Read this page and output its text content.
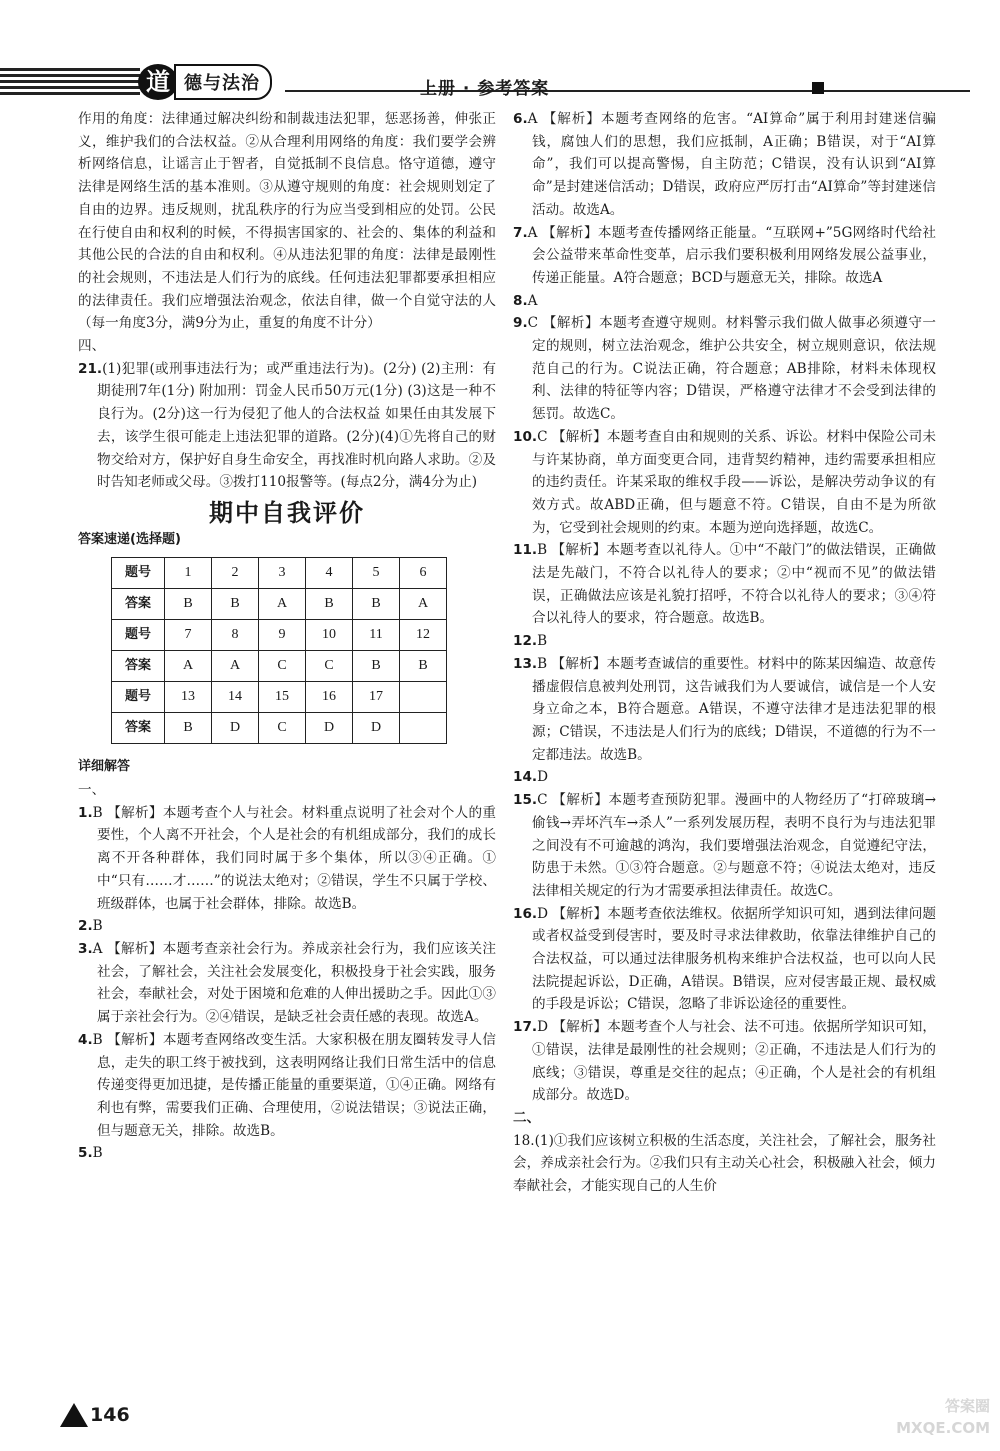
道 德与法治	上册 · 参考答案

作用的角度：法律通过解决纠纷和制裁违法犯罪，惩恶扬善，伸张正义，维护我们的合法权益。②从合理利用网络的角度：我们要学会辨析网络信息，让谣言止于智者，自觉抵制不良信息。恪守道德，遵守法律是网络生活的基本准则。③从遵守规则的角度：社会规则划定了自由的边界。违反规则，扰乱秩序的行为应当受到相应的处罚。公民在行使自由和权利的时候，不得损害国家的、社会的、集体的利益和其他公民的合法的自由和权利。④从违法犯罪的角度：法律是最刚性的社会规则，不违法是人们行为的底线。任何违法犯罪都要承担相应的法律责任。我们应增强法治观念，依法自律，做一个自觉守法的人（每一角度3分，满9分为止，重复的角度不计分）

四、

21.(1)犯罪(或刑事违法行为；或严重违法行为)。(2分) (2)主刑：有期徒刑7年(1分) 附加刑：罚金人民币50万元(1分) (3)这是一种不良行为。(2分)这一行为侵犯了他人的合法权益 如果任由其发展下去，该学生很可能走上违法犯罪的道路。(2分)(4)①先将自己的财物交给对方，保护好自身生命安全，再找准时机向路人求助。②及时告知老师或父母。③拨打110报警等。(每点2分，满4分为止)

期中自我评价

答案速递(选择题)

题号	1	2	3	4	5	6
答案	B	B	A	B	B	A
题号	7	8	9	10	11	12
答案	A	A	C	C	B	B
题号	13	14	15	16	17	
答案	B	D	C	D	D	

详细解答

一、

1.B 【解析】本题考查个人与社会。材料重点说明了社会对个人的重要性，个人离不开社会，个人是社会的有机组成部分，我们的成长离不开各种群体，我们同时属于多个集体，所以③④正确。①中“只有……才……”的说法太绝对；②错误，学生不只属于学校、班级群体，也属于社会群体，排除。故选B。

2.B

3.A 【解析】本题考查亲社会行为。养成亲社会行为，我们应该关注社会，了解社会，关注社会发展变化，积极投身于社会实践，服务社会，奉献社会，对处于困境和危难的人伸出援助之手。因此①③属于亲社会行为。②④错误，是缺乏社会责任感的表现。故选A。

4.B 【解析】本题考查网络改变生活。大家积极在朋友圈转发寻人信息，走失的职工终于被找到，这表明网络让我们日常生活中的信息传递变得更加迅捷，是传播正能量的重要渠道，①④正确。网络有利也有弊，需要我们正确、合理使用，②说法错误；③说法正确，但与题意无关，排除。故选B。

5.B

6.A 【解析】本题考查网络的危害。“AI算命”属于利用封建迷信骗钱，腐蚀人们的思想，我们应抵制，A正确；B错误，对于“AI算命”，我们可以提高警惕，自主防范；C错误，没有认识到“AI算命”是封建迷信活动；D错误，政府应严厉打击“AI算命”等封建迷信活动。故选A。

7.A 【解析】本题考查传播网络正能量。“互联网+”5G网络时代给社会公益带来革命性变革，启示我们要积极利用网络发展公益事业，传递正能量。A符合题意；BCD与题意无关，排除。故选A

8.A

9.C 【解析】本题考查遵守规则。材料警示我们做人做事必须遵守一定的规则，树立法治观念，维护公共安全，树立规则意识，依法规范自己的行为。C说法正确，符合题意；AB排除，材料未体现权利、法律的特征等内容；D错误，严格遵守法律才不会受到法律的惩罚。故选C。

10.C 【解析】本题考查自由和规则的关系、诉讼。材料中保险公司未与许某协商，单方面变更合同，违背契约精神，违约需要承担相应的违约责任。许某采取的维权手段——诉讼，是解决劳动争议的有效方式。故ABD正确，但与题意不符。C错误，自由不是为所欲为，它受到社会规则的约束。本题为逆向选择题，故选C。

11.B 【解析】本题考查以礼待人。①中“不敲门”的做法错误，正确做法是先敲门，不符合以礼待人的要求；②中“视而不见”的做法错误，正确做法应该是礼貌打招呼，不符合以礼待人的要求；③④符合以礼待人的要求，符合题意。故选B。

12.B

13.B 【解析】本题考查诚信的重要性。材料中的陈某因编造、故意传播虚假信息被判处刑罚，这告诫我们为人要诚信，诚信是一个人安身立命之本，B符合题意。A错误，不遵守法律才是违法犯罪的根源；C错误，不违法是人们行为的底线；D错误，不道德的行为不一定都违法。故选B。

14.D

15.C 【解析】本题考查预防犯罪。漫画中的人物经历了“打碎玻璃→偷钱→弄坏汽车→杀人”一系列发展历程，表明不良行为与违法犯罪之间没有不可逾越的鸿沟，我们要增强法治观念，自觉遵纪守法，防患于未然。①③符合题意。②与题意不符；④说法太绝对，违反法律相关规定的行为才需要承担法律责任。故选C。

16.D 【解析】本题考查依法维权。依据所学知识可知，遇到法律问题或者权益受到侵害时，要及时寻求法律救助，依靠法律维护自己的合法权益，可以通过法律服务机构来维护合法权益，也可以向人民法院提起诉讼，D正确，A错误。B错误，应对侵害最正规、最权威的手段是诉讼；C错误，忽略了非诉讼途径的重要性。

17.D 【解析】本题考查个人与社会、法不可违。依据所学知识可知，①错误，法律是最刚性的社会规则；②正确，不违法是人们行为的底线；③错误，尊重是交往的起点；④正确，个人是社会的有机组成部分。故选D。

二、

18.(1)①我们应该树立积极的生活态度，关注社会，了解社会，服务社会，养成亲社会行为。②我们只有主动关心社会，积极融入社会，倾力奉献社会，才能实现自己的人生价

146	答案圈
MXQE.COM
